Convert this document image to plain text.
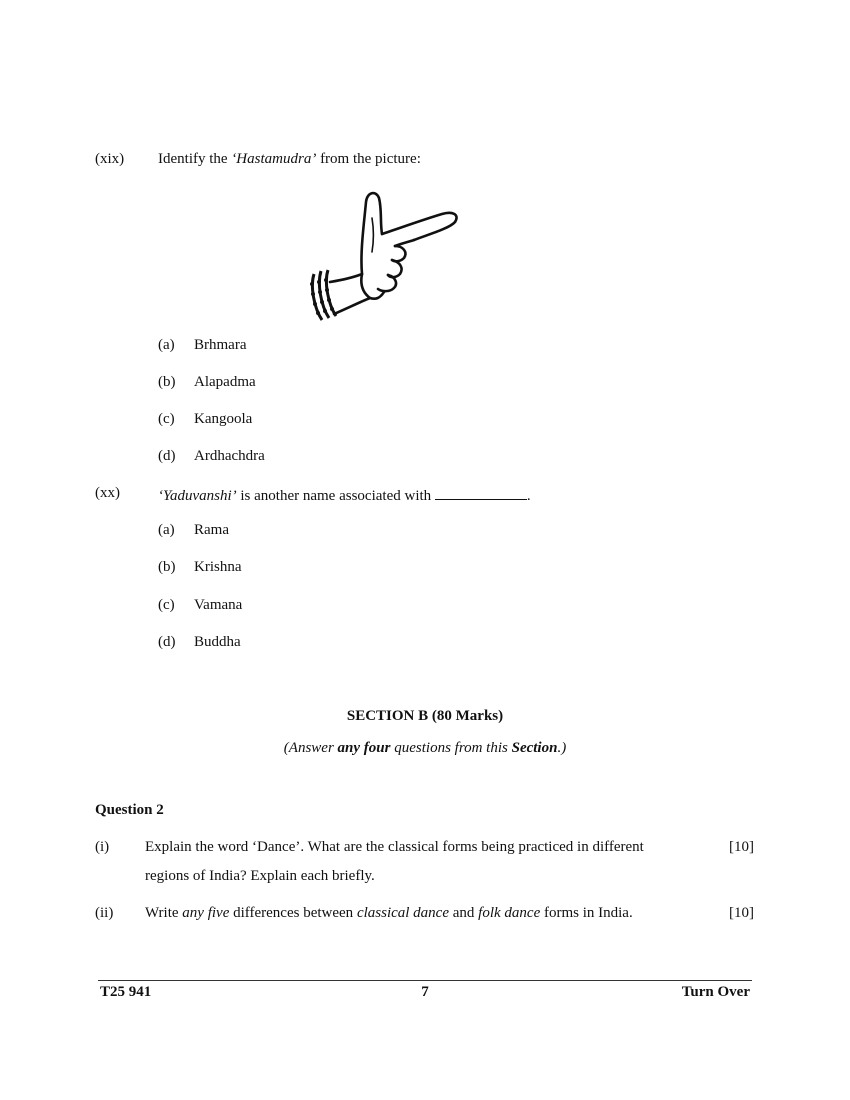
(xix) Identify the ‘Hastamudra’ from the picture:
(a) Brhmara
(b) Alapadma
(c) Kangoola
(d) Ardhachdra
(xx)	‘Yaduvanshi’ is another name associated with	.
(a) Rama
(b) Krishna
(c) Vamana
(d) Buddha
SECTION B (80 Marks)
(Answer any four questions from this Section.)
Question 2
(i) Explain the word ‘Dance’. What are the classical forms being practiced in different
regions of India? Explain each briefly.
[10]
(ii) Write any five differences between classical dance and folk dance forms in India.	[10]
T25 941	7	Turn Over
